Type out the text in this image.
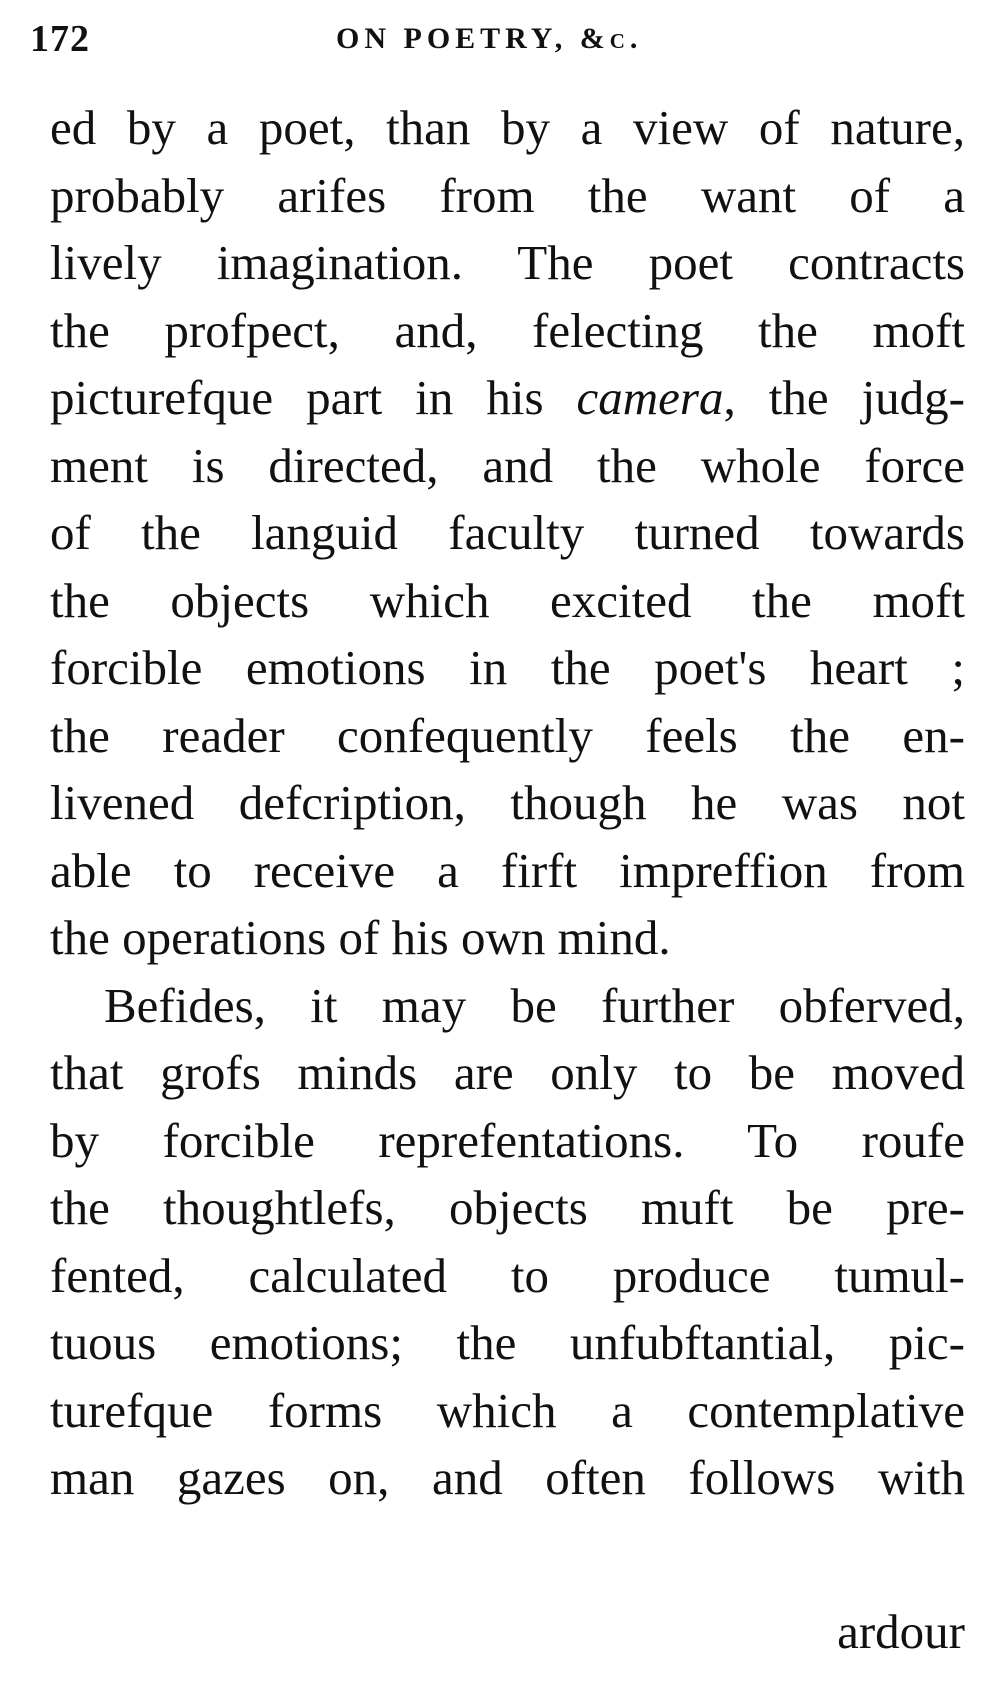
172	ON POETRY, &c.
ed by a poet, than by a view of nature,
probably arifes from the want of a
lively imagination. The poet contracts
the profpect, and, felecting the moft
picturefque part in his camera, the judg-
ment is directed, and the whole force
of the languid faculty turned towards
the objects which excited the moft
forcible emotions in the poet's heart ;
the reader confequently feels the en-
livened defcription, though he was not
able to receive a firft impreffion from
the operations of his own mind.
Befides, it may be further obferved,
that grofs minds are only to be moved
by forcible reprefentations. To roufe
the thoughtlefs, objects muft be pre-
fented, calculated to produce tumul-
tuous emotions; the unfubftantial, pic-
turefque forms which a contemplative
man gazes on, and often follows with
ardour
